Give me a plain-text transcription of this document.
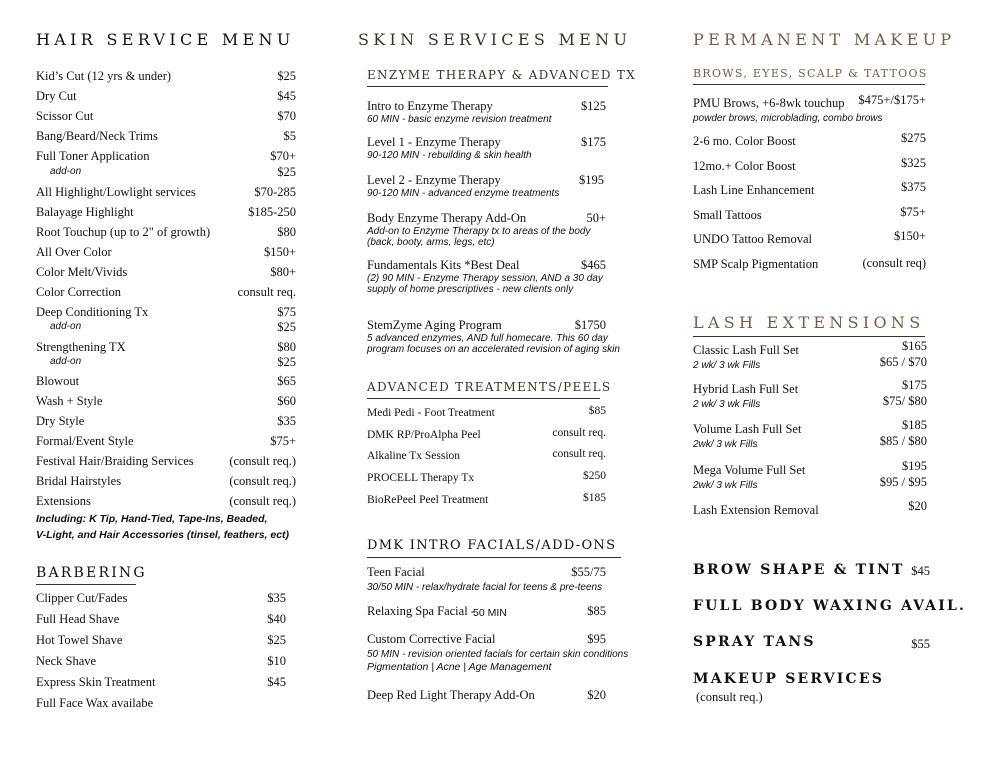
HAIR SERVICE MENU
Kid’s Cut (12 yrs & under)	$25
Dry Cut	$45
Scissor Cut	$70
Bang/Beard/Neck Trims	$5
Full Toner Application	$70+
add-on	$25
All Highlight/Lowlight services	$70-285
Balayage Highlight	$185-250
Root Touchup (up to 2" of growth)	$80
All Over Color	$150+
Color Melt/Vivids	$80+
Color Correction	consult req.
Deep Conditioning Tx	$75
add-on	$25
Strengthening TX	$80
add-on	$25
Blowout	$65
Wash + Style	$60
Dry Style	$35
Formal/Event Style	$75+
Festival Hair/Braiding Services	(consult req.)
Bridal Hairstyles	(consult req.)
Extensions	(consult req.)
Including: K Tip, Hand-Tied, Tape-Ins, Beaded,
V-Light, and Hair Accessories (tinsel, feathers, ect)
BARBERING
Clipper Cut/Fades	$35
Full Head Shave	$40
Hot Towel Shave	$25
Neck Shave	$10
Express Skin Treatment	$45
Full Face Wax availabe
SKIN SERVICES MENU
ENZYME THERAPY & ADVANCED TX
Intro to Enzyme Therapy	$125
60 MIN - basic enzyme revision treatment
Level 1 - Enzyme Therapy	$175
90-120 MIN - rebuilding & skin health
Level 2 - Enzyme Therapy	$195
90-120 MIN - advanced enzyme treatments
Body Enzyme Therapy Add-On	50+
Add-on to Enzyme Therapy tx to areas of the body
(back, booty, arms, legs, etc)
Fundamentals Kits *Best Deal	$465
(2) 90 MIN - Enzyme Therapy session, AND a 30 day
supply of home prescriptives - new clients only
StemZyme Aging Program	$1750
5 advanced enzymes, AND full homecare. This 60 day
program focuses on an accelerated revision of aging skin
ADVANCED TREATMENTS/PEELS
Medi Pedi - Foot Treatment	$85
DMK RP/ProAlpha Peel	consult req.
Alkaline Tx Session	consult req.
PROCELL Therapy Tx	$250
BioRePeel Peel Treatment	$185
DMK INTRO FACIALS/ADD-ONS
Teen Facial	$55/75
30/50 MIN - relax/hydrate facial for teens & pre-teens
Relaxing Spa Facial -
50 MIN	$85
Custom Corrective Facial	$95
50 MIN - revision oriented facials for certain skin conditions
Pigmentation | Acne | Age Management
Deep Red Light Therapy Add-On	$20
PERMANENT MAKEUP
BROWS, EYES, SCALP & TATTOOS
PMU Brows, +6-8wk touchup	$475+/$175+
powder brows, microblading, combo brows
2-6 mo. Color Boost	$275
12mo.+ Color Boost	$325
Lash Line Enhancement	$375
Small Tattoos	$75+
UNDO Tattoo Removal	$150+
SMP Scalp Pigmentation	(consult req)
LASH EXTENSIONS
Classic Lash Full Set	$165
2 wk/ 3 wk Fills	$65 / $70
Hybrid Lash Full Set	$175
2 wk/ 3 wk Fills	$75/ $80
Volume Lash Full Set	$185
2wk/ 3 wk Fills	$85 / $80
Mega Volume Full Set	$195
2wk/ 3 wk Fills	$95 / $95
Lash Extension Removal	$20
BROW SHAPE & TINT $45
FULL BODY WAXING AVAIL.
SPRAY TANS	$55
MAKEUP SERVICES
(consult req.)
